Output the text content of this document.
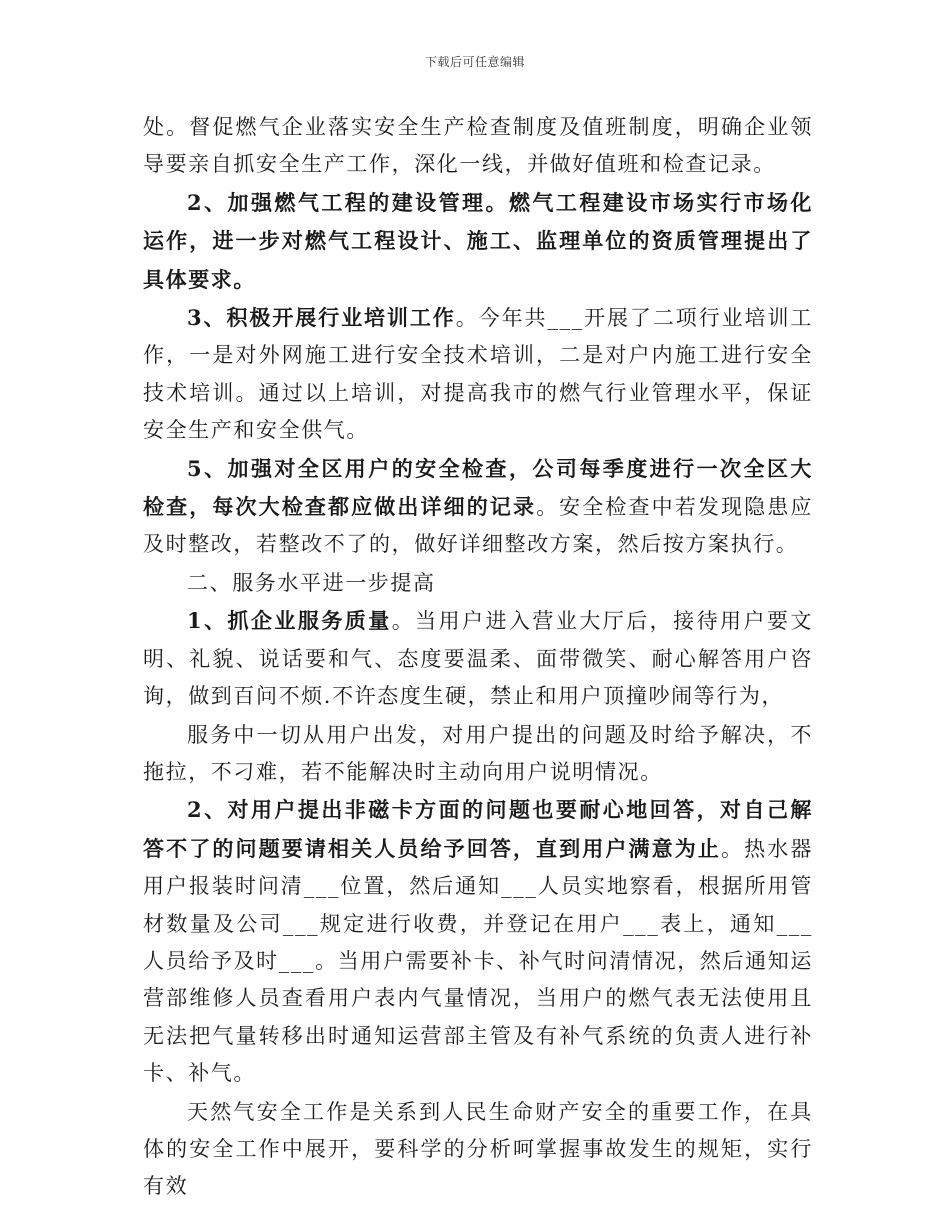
下载后可任意编辑

处。督促燃气企业落实安全生产检查制度及值班制度，明确企业领导要亲自抓安全生产工作，深化一线，并做好值班和检查记录。

2、加强燃气工程的建设管理。燃气工程建设市场实行市场化运作，进一步对燃气工程设计、施工、监理单位的资质管理提出了具体要求。

3、积极开展行业培训工作。今年共___开展了二项行业培训工作，一是对外网施工进行安全技术培训，二是对户内施工进行安全技术培训。通过以上培训，对提高我市的燃气行业管理水平，保证安全生产和安全供气。

5、加强对全区用户的安全检查，公司每季度进行一次全区大检查，每次大检查都应做出详细的记录。安全检查中若发现隐患应及时整改，若整改不了的，做好详细整改方案，然后按方案执行。

二、服务水平进一步提高

1、抓企业服务质量。当用户进入营业大厅后，接待用户要文明、礼貌、说话要和气、态度要温柔、面带微笑、耐心解答用户咨询，做到百问不烦.不许态度生硬，禁止和用户顶撞吵闹等行为，

服务中一切从用户出发，对用户提出的问题及时给予解决，不拖拉，不刁难，若不能解决时主动向用户说明情况。

2、对用户提出非磁卡方面的问题也要耐心地回答，对自己解答不了的问题要请相关人员给予回答，直到用户满意为止。热水器用户报装时问清___位置，然后通知___人员实地察看，根据所用管材数量及公司___规定进行收费，并登记在用户___表上，通知___人员给予及时___。当用户需要补卡、补气时问清情况，然后通知运营部维修人员查看用户表内气量情况，当用户的燃气表无法使用且无法把气量转移出时通知运营部主管及有补气系统的负责人进行补卡、补气。

天然气安全工作是关系到人民生命财产安全的重要工作，在具体的安全工作中展开，要科学的分析呵掌握事故发生的规矩，实行有效
